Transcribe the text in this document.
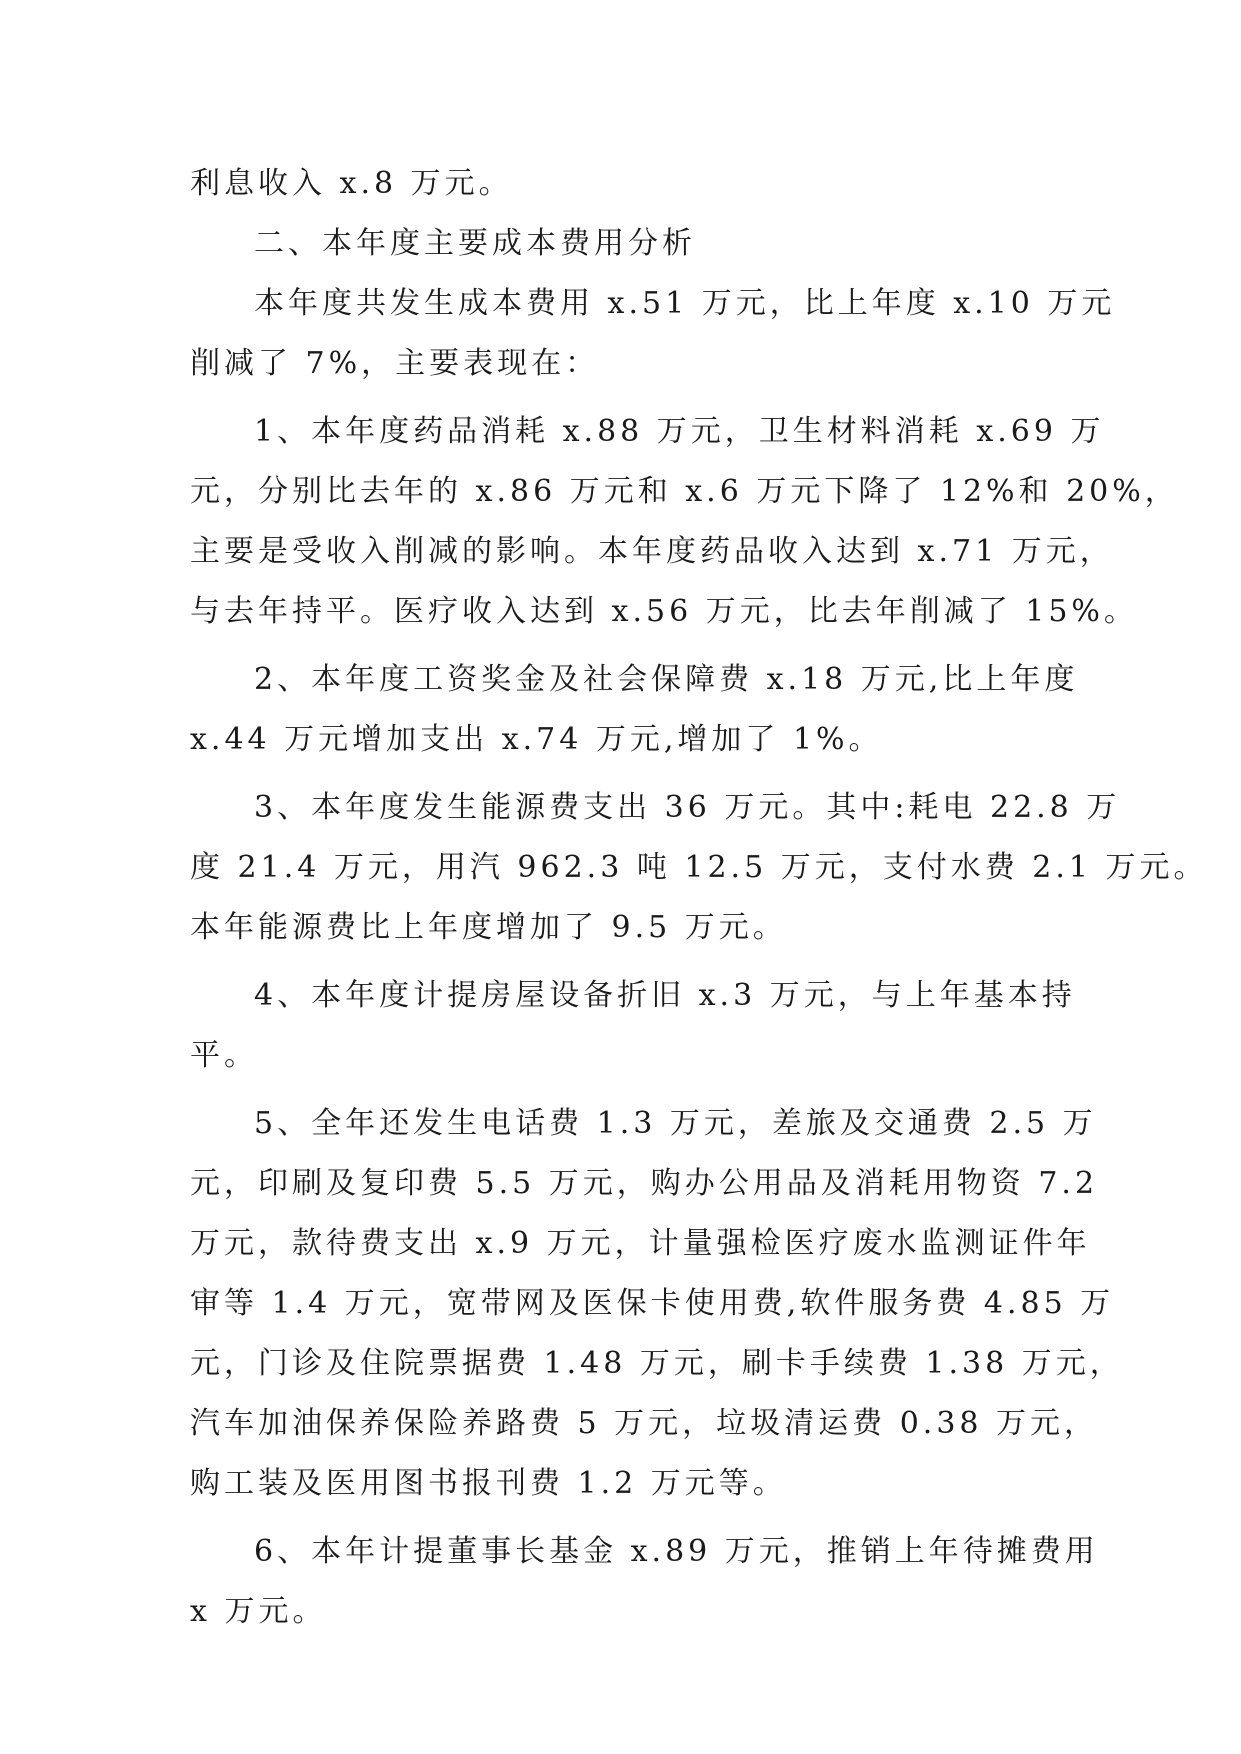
利息收入 x.8 万元。
二、本年度主要成本费用分析
本年度共发生成本费用 x.51 万元，比上年度 x.10 万元
削减了 7%，主要表现在：
1、本年度药品消耗 x.88 万元，卫生材料消耗 x.69 万
元，分别比去年的 x.86 万元和 x.6 万元下降了 12%和 20%，
主要是受收入削减的影响。本年度药品收入达到 x.71 万元，
与去年持平。医疗收入达到 x.56 万元，比去年削减了 15%。
2、本年度工资奖金及社会保障费 x.18 万元,比上年度
x.44 万元增加支出 x.74 万元,增加了 1%。
3、本年度发生能源费支出 36 万元。其中:耗电 22.8 万
度 21.4 万元，用汽 962.3 吨 12.5 万元，支付水费 2.1 万元。
本年能源费比上年度增加了 9.5 万元。
4、本年度计提房屋设备折旧 x.3 万元，与上年基本持
平。
5、全年还发生电话费 1.3 万元，差旅及交通费 2.5 万
元，印刷及复印费 5.5 万元，购办公用品及消耗用物资 7.2
万元，款待费支出 x.9 万元，计量强检医疗废水监测证件年
审等 1.4 万元，宽带网及医保卡使用费,软件服务费 4.85 万
元，门诊及住院票据费 1.48 万元，刷卡手续费 1.38 万元，
汽车加油保养保险养路费 5 万元，垃圾清运费 0.38 万元，
购工装及医用图书报刊费 1.2 万元等。
6、本年计提董事长基金 x.89 万元，推销上年待摊费用
x 万元。
